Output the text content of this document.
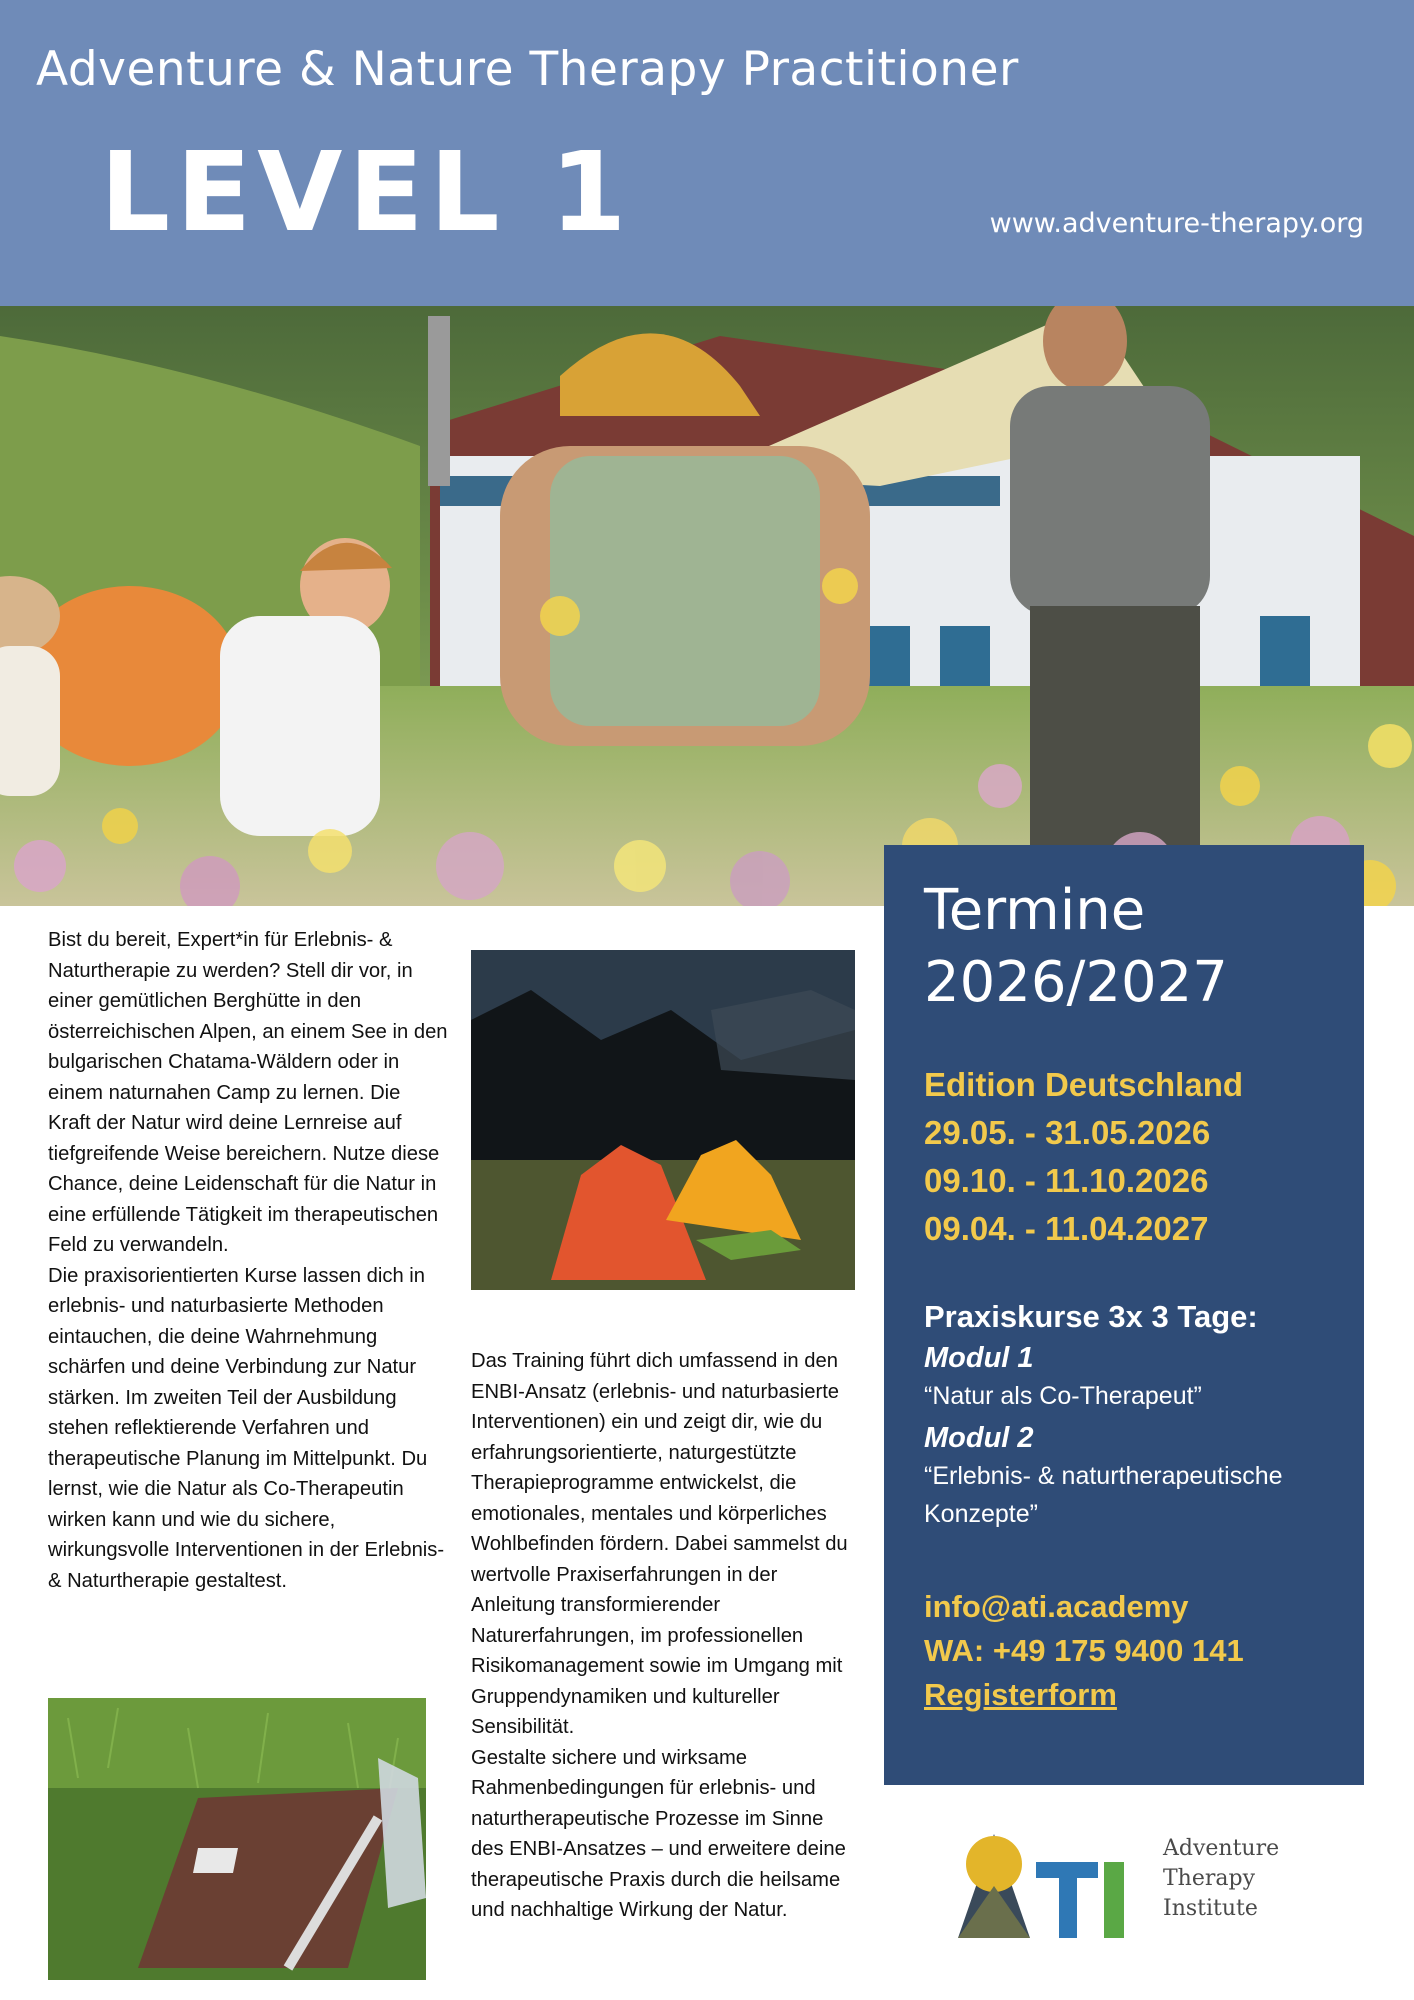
Adventure & Nature Therapy Practitioner
LEVEL 1	www.adventure-therapy.org

Bist du bereit, Expert*in für Erlebnis- & Naturtherapie zu werden? Stell dir vor, in einer gemütlichen Berghütte in den österreichischen Alpen, an einem See in den bulgarischen Chatama-Wäldern oder in einem naturnahen Camp zu lernen. Die Kraft der Natur wird deine Lernreise auf tiefgreifende Weise bereichern. Nutze diese Chance, deine Leidenschaft für die Natur in eine erfüllende Tätigkeit im therapeutischen Feld zu verwandeln.

Die praxisorientierten Kurse lassen dich in erlebnis- und naturbasierte Methoden eintauchen, die deine Wahrnehmung schärfen und deine Verbindung zur Natur stärken. Im zweiten Teil der Ausbildung stehen reflektierende Verfahren und therapeutische Planung im Mittelpunkt. Du lernst, wie die Natur als Co-Therapeutin wirken kann und wie du sichere, wirkungsvolle Interventionen in der Erlebnis- & Naturtherapie gestaltest.

Das Training führt dich umfassend in den ENBI-Ansatz (erlebnis- und naturbasierte Interventionen) ein und zeigt dir, wie du erfahrungsorientierte, naturgestützte Therapieprogramme entwickelst, die emotionales, mentales und körperliches Wohlbefinden fördern. Dabei sammelst du wertvolle Praxiserfahrungen in der Anleitung transformierender Naturerfahrungen, im professionellen Risikomanagement sowie im Umgang mit Gruppendynamiken und kultureller Sensibilität.

Gestalte sichere und wirksame Rahmenbedingungen für erlebnis- und naturtherapeutische Prozesse im Sinne des ENBI-Ansatzes – und erweitere deine therapeutische Praxis durch die heilsame und nachhaltige Wirkung der Natur.

Termine
2026/2027
Edition Deutschland
29.05. - 31.05.2026
09.10. - 11.10.2026
09.04. - 11.04.2027
Praxiskurse 3x 3 Tage:
Modul 1
“Natur als Co-Therapeut”
Modul 2
“Erlebnis- & naturtherapeutische Konzepte”
info@ati.academy
WA: +49 175 9400 141
Registerform
Adventure
Therapy
Institute
